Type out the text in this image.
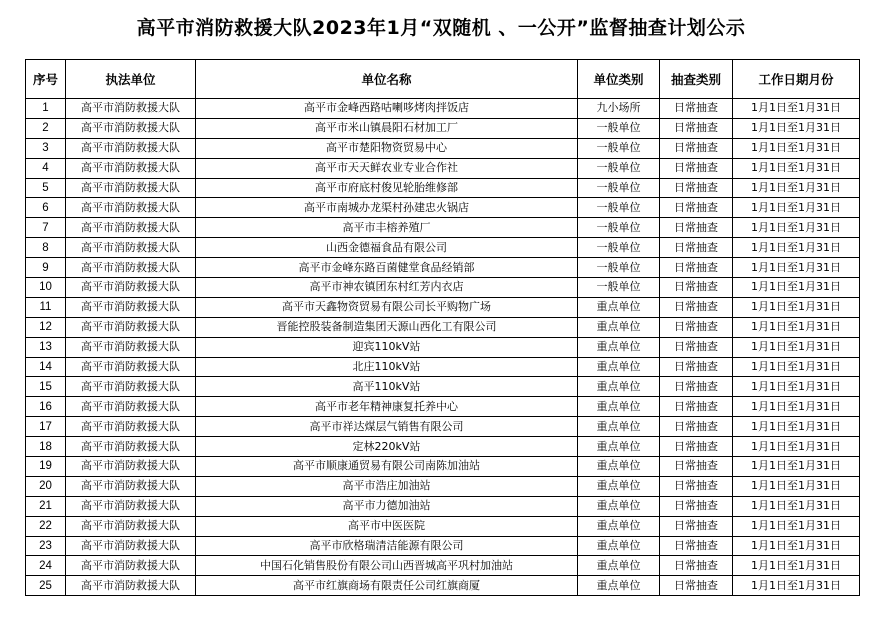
高平市消防救援大队2023年1月“双随机 、一公开”监督抽查计划公示
序号	执法单位	单位名称	单位类别	抽查类别	工作日期月份
1	高平市消防救援大队	高平市金峰西路咕喇哆烤肉拌饭店	九小场所	日常抽查	1月1日至1月31日
2	高平市消防救援大队	高平市米山镇晨阳石材加工厂	一般单位	日常抽查	1月1日至1月31日
3	高平市消防救援大队	高平市楚阳物资贸易中心	一般单位	日常抽查	1月1日至1月31日
4	高平市消防救援大队	高平市天天鲜农业专业合作社	一般单位	日常抽查	1月1日至1月31日
5	高平市消防救援大队	高平市府底村俊见轮胎维修部	一般单位	日常抽查	1月1日至1月31日
6	高平市消防救援大队	高平市南城办龙渠村孙建忠火锅店	一般单位	日常抽查	1月1日至1月31日
7	高平市消防救援大队	高平市丰榕养殖厂	一般单位	日常抽查	1月1日至1月31日
8	高平市消防救援大队	山西金德福食品有限公司	一般单位	日常抽查	1月1日至1月31日
9	高平市消防救援大队	高平市金峰东路百菌健堂食品经销部	一般单位	日常抽查	1月1日至1月31日
10	高平市消防救援大队	高平市神农镇团东村红芳内衣店	一般单位	日常抽查	1月1日至1月31日
11	高平市消防救援大队	高平市天鑫物资贸易有限公司长平购物广场	重点单位	日常抽查	1月1日至1月31日
12	高平市消防救援大队	晋能控股装备制造集团天源山西化工有限公司	重点单位	日常抽查	1月1日至1月31日
13	高平市消防救援大队	迎宾110kV站	重点单位	日常抽查	1月1日至1月31日
14	高平市消防救援大队	北庄110kV站	重点单位	日常抽查	1月1日至1月31日
15	高平市消防救援大队	高平110kV站	重点单位	日常抽查	1月1日至1月31日
16	高平市消防救援大队	高平市老年精神康复托养中心	重点单位	日常抽查	1月1日至1月31日
17	高平市消防救援大队	高平市祥达煤层气销售有限公司	重点单位	日常抽查	1月1日至1月31日
18	高平市消防救援大队	定林220kV站	重点单位	日常抽查	1月1日至1月31日
19	高平市消防救援大队	高平市顺康通贸易有限公司南陈加油站	重点单位	日常抽查	1月1日至1月31日
20	高平市消防救援大队	高平市浩庄加油站	重点单位	日常抽查	1月1日至1月31日
21	高平市消防救援大队	高平市力德加油站	重点单位	日常抽查	1月1日至1月31日
22	高平市消防救援大队	高平市中医医院	重点单位	日常抽查	1月1日至1月31日
23	高平市消防救援大队	高平市欣格瑞清洁能源有限公司	重点单位	日常抽查	1月1日至1月31日
24	高平市消防救援大队	中国石化销售股份有限公司山西晋城高平巩村加油站	重点单位	日常抽查	1月1日至1月31日
25	高平市消防救援大队	高平市红旗商场有限责任公司红旗商厦	重点单位	日常抽查	1月1日至1月31日
